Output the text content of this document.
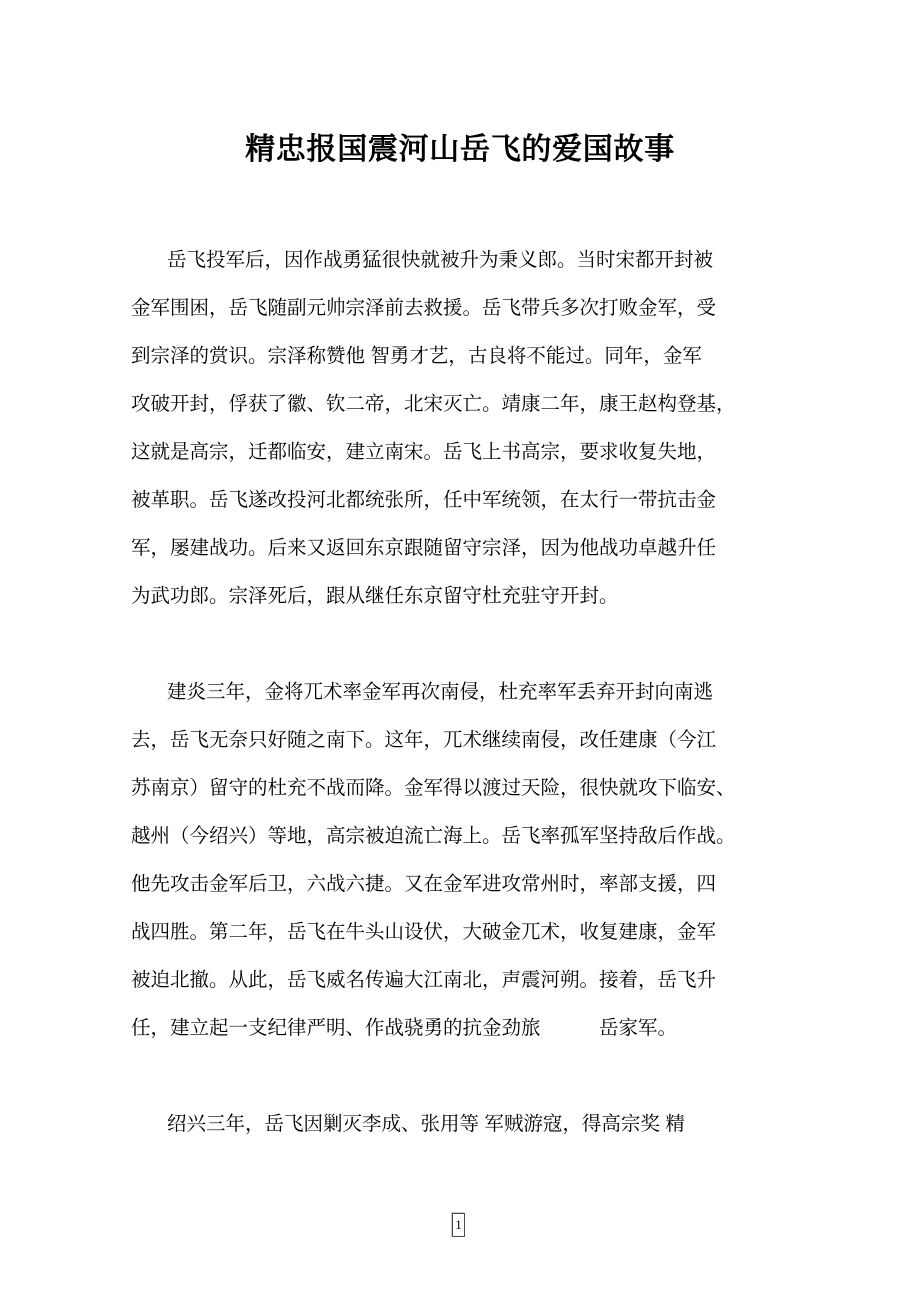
精忠报国震河山岳飞的爱国故事
岳飞投军后，因作战勇猛很快就被升为秉义郎。当时宋都开封被
金军围困，岳飞随副元帅宗泽前去救援。岳飞带兵多次打败金军，受
到宗泽的赏识。宗泽称赞他 智勇才艺，古良将不能过。同年，金军
攻破开封，俘获了徽、钦二帝，北宋灭亡。靖康二年，康王赵构登基，
这就是高宗，迁都临安，建立南宋。岳飞上书高宗，要求收复失地，
被革职。岳飞遂改投河北都统张所，任中军统领，在太行一带抗击金
军，屡建战功。后来又返回东京跟随留守宗泽，因为他战功卓越升任
为武功郎。宗泽死后，跟从继任东京留守杜充驻守开封。
建炎三年，金将兀术率金军再次南侵，杜充率军丢弃开封向南逃
去，岳飞无奈只好随之南下。这年，兀术继续南侵，改任建康（今江
苏南京）留守的杜充不战而降。金军得以渡过天险，很快就攻下临安、
越州（今绍兴）等地，高宗被迫流亡海上。岳飞率孤军坚持敌后作战。
他先攻击金军后卫，六战六捷。又在金军进攻常州时，率部支援，四
战四胜。第二年，岳飞在牛头山设伏，大破金兀术，收复建康，金军
被迫北撤。从此，岳飞威名传遍大江南北，声震河朔。接着，岳飞升
任，建立起一支纪律严明、作战骁勇的抗金劲旅　　　岳家军。
绍兴三年，岳飞因剿灭李成、张用等 军贼游寇，得高宗奖 精
1
